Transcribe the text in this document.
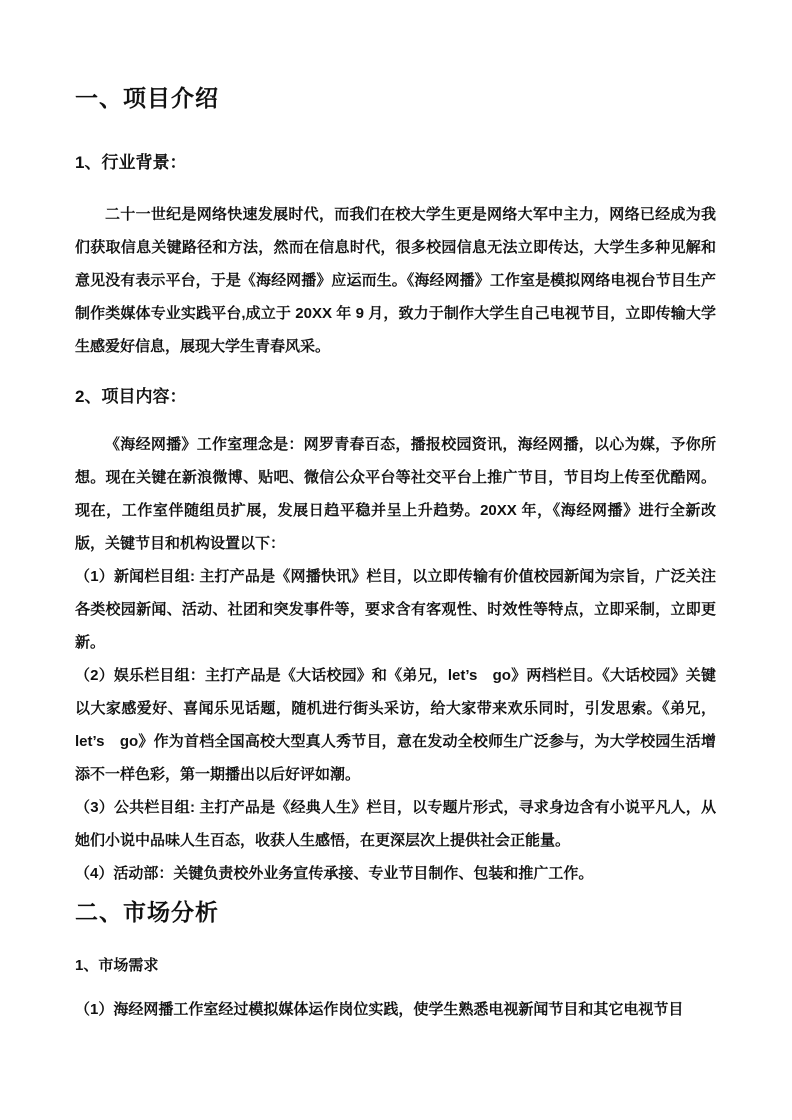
一、项目介绍
1、行业背景：

二十一世纪是网络快速发展时代，而我们在校大学生更是网络大军中主力，网络已经成为我们获取信息关键路径和方法，然而在信息时代，很多校园信息无法立即传达，大学生多种见解和意见没有表示平台，于是《海经网播》应运而生。《海经网播》工作室是模拟网络电视台节目生产制作类媒体专业实践平台,成立于 20XX 年 9 月，致力于制作大学生自己电视节目，立即传输大学生感爱好信息，展现大学生青春风采。

2、项目内容：

《海经网播》工作室理念是：网罗青春百态，播报校园资讯，海经网播，以心为媒，予你所想。现在关键在新浪微博、贴吧、微信公众平台等社交平台上推广节目，节目均上传至优酷网。现在，工作室伴随组员扩展，发展日趋平稳并呈上升趋势。20XX 年，《海经网播》进行全新改版，关键节目和机构设置以下：

（1）新闻栏目组: 主打产品是《网播快讯》栏目，以立即传输有价值校园新闻为宗旨，广泛关注各类校园新闻、活动、社团和突发事件等，要求含有客观性、时效性等特点，立即采制，立即更新。

（2）娱乐栏目组：主打产品是《大话校园》和《弟兄，let’s　go》两档栏目。《大话校园》关键以大家感爱好、喜闻乐见话题，随机进行街头采访，给大家带来欢乐同时，引发思索。《弟兄，let’s　go》作为首档全国高校大型真人秀节目，意在发动全校师生广泛参与，为大学校园生活增添不一样色彩，第一期播出以后好评如潮。

（3）公共栏目组: 主打产品是《经典人生》栏目，以专题片形式，寻求身边含有小说平凡人，从她们小说中品味人生百态，收获人生感悟，在更深层次上提供社会正能量。

（4）活动部：关键负责校外业务宣传承接、专业节目制作、包装和推广工作。

二、市场分析
1、市场需求

（1）海经网播工作室经过模拟媒体运作岗位实践，使学生熟悉电视新闻节目和其它电视节目
